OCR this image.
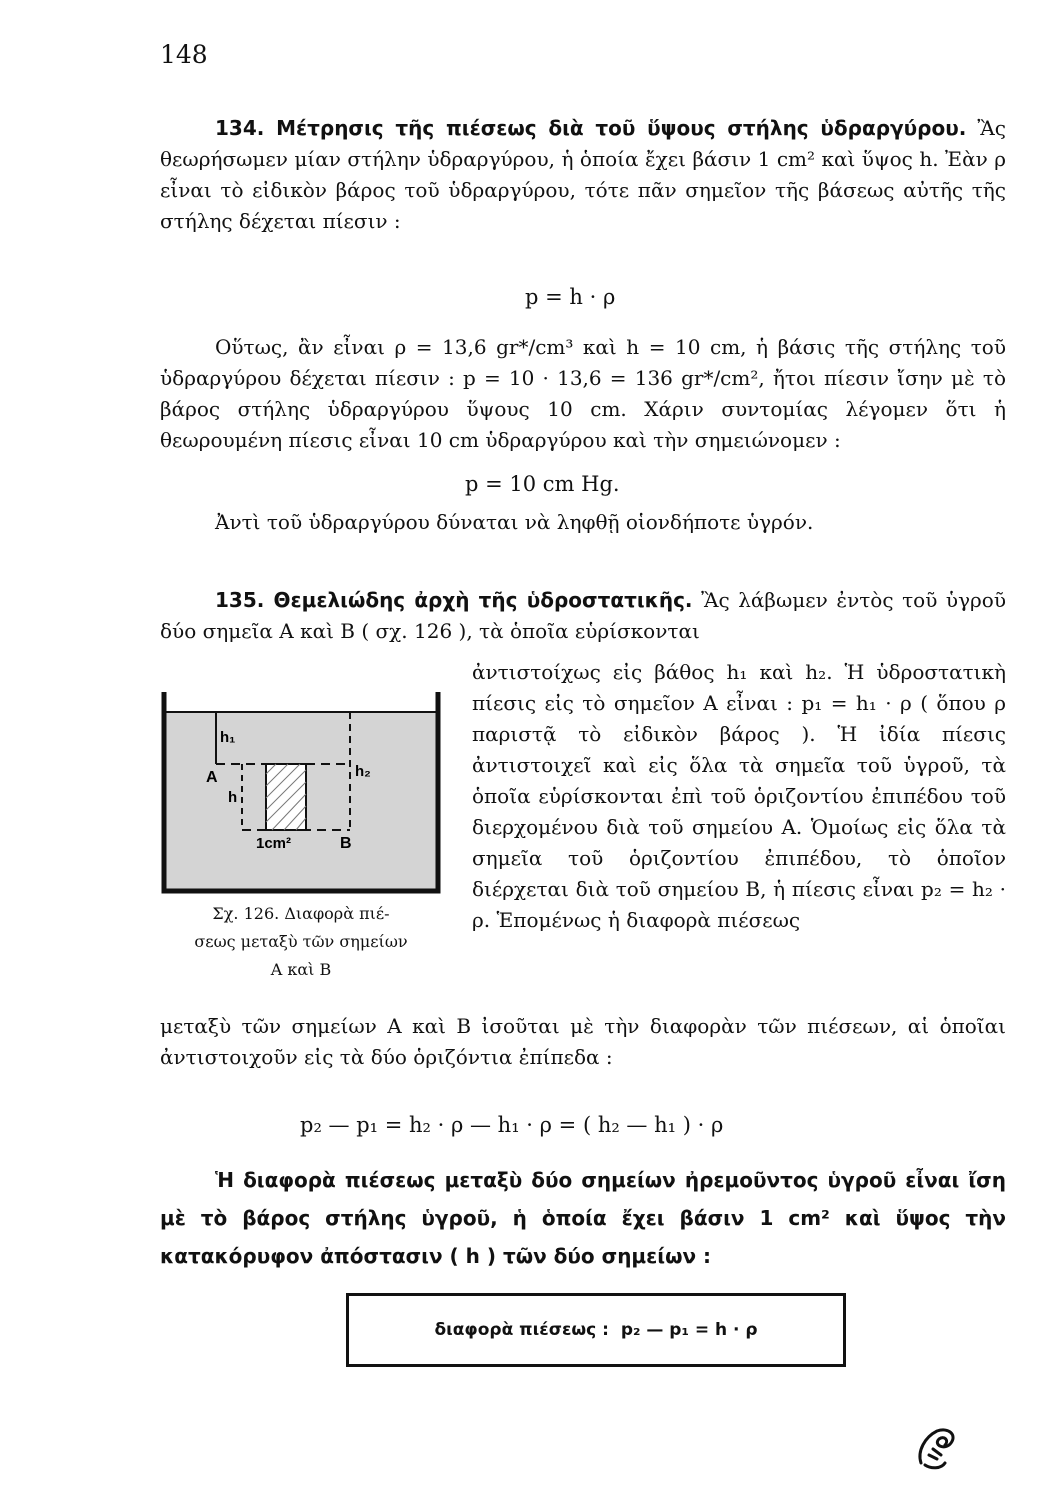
148
134. Μέτρησις τῆς πιέσεως διὰ τοῦ ὕψους στήλης ὑδραργύρου. Ἂς θεωρήσωμεν μίαν στήλην ὑδραργύρου, ἡ ὁποία ἔχει βάσιν 1 cm² καὶ ὕψος h. Ἐὰν ρ εἶναι τὸ εἰδικὸν βάρος τοῦ ὑδραργύρου, τότε πᾶν σημεῖον τῆς βάσεως αὐτῆς τῆς στήλης δέχεται πίεσιν :
p = h · ρ
Οὕτως, ἂν εἶναι ρ = 13,6 gr*/cm³ καὶ h = 10 cm, ἡ βάσις τῆς στήλης τοῦ ὑδραργύρου δέχεται πίεσιν : p = 10 · 13,6 = 136 gr*/cm², ἤτοι πίεσιν ἴσην μὲ τὸ βάρος στήλης ὑδραργύρου ὕψους 10 cm. Χάριν συντομίας λέγομεν ὅτι ἡ θεωρουμένη πίεσις εἶναι 10 cm ὑδραργύρου καὶ τὴν σημειώνομεν :
p = 10 cm Hg.
Ἀντὶ τοῦ ὑδραργύρου δύναται νὰ ληφθῇ οἱονδήποτε ὑγρόν.
135. Θεμελιώδης ἀρχὴ τῆς ὑδροστατικῆς. Ἂς λάβωμεν ἐντὸς τοῦ ὑγροῦ δύο σημεῖα A καὶ B ( σχ. 126 ), τὰ ὁποῖα εὑρίσκονται
h₁
A
h
h₂
1cm²	B
Σχ. 126. Διαφορὰ πιέ-
σεως μεταξὺ τῶν σημείων
A καὶ B
ἀντιστοίχως εἰς βάθος h₁ καὶ h₂. Ἡ ὑδροστατικὴ πίεσις εἰς τὸ σημεῖον A εἶναι : p₁ = h₁ · ρ ( ὅπου ρ παριστᾷ τὸ εἰδικὸν βάρος ). Ἡ ἰδία πίεσις ἀντιστοιχεῖ καὶ εἰς ὅλα τὰ σημεῖα τοῦ ὑγροῦ, τὰ ὁποῖα εὑρίσκονται ἐπὶ τοῦ ὁριζοντίου ἐπιπέδου τοῦ διερχομένου διὰ τοῦ σημείου A. Ὁμοίως εἰς ὅλα τὰ σημεῖα τοῦ ὁριζοντίου ἐπιπέδου, τὸ ὁποῖον διέρχεται διὰ τοῦ σημείου B, ἡ πίεσις εἶναι p₂ = h₂ · ρ. Ἑπομένως ἡ διαφορὰ πιέσεως
μεταξὺ τῶν σημείων A καὶ B ἰσοῦται μὲ τὴν διαφορὰν τῶν πιέσεων, αἱ ὁποῖαι ἀντιστοιχοῦν εἰς τὰ δύο ὁριζόντια ἐπίπεδα :
p₂ — p₁ = h₂ · ρ — h₁ · ρ = ( h₂ — h₁ ) · ρ
Ἡ διαφορὰ πιέσεως μεταξὺ δύο σημείων ἠρεμοῦντος ὑγροῦ εἶναι ἴση μὲ τὸ βάρος στήλης ὑγροῦ, ἡ ὁποία ἔχει βάσιν 1 cm² καὶ ὕψος τὴν κατακόρυφον ἀπόστασιν ( h ) τῶν δύο σημείων :
διαφορὰ πιέσεως :
p₂ — p₁ = h · ρ
